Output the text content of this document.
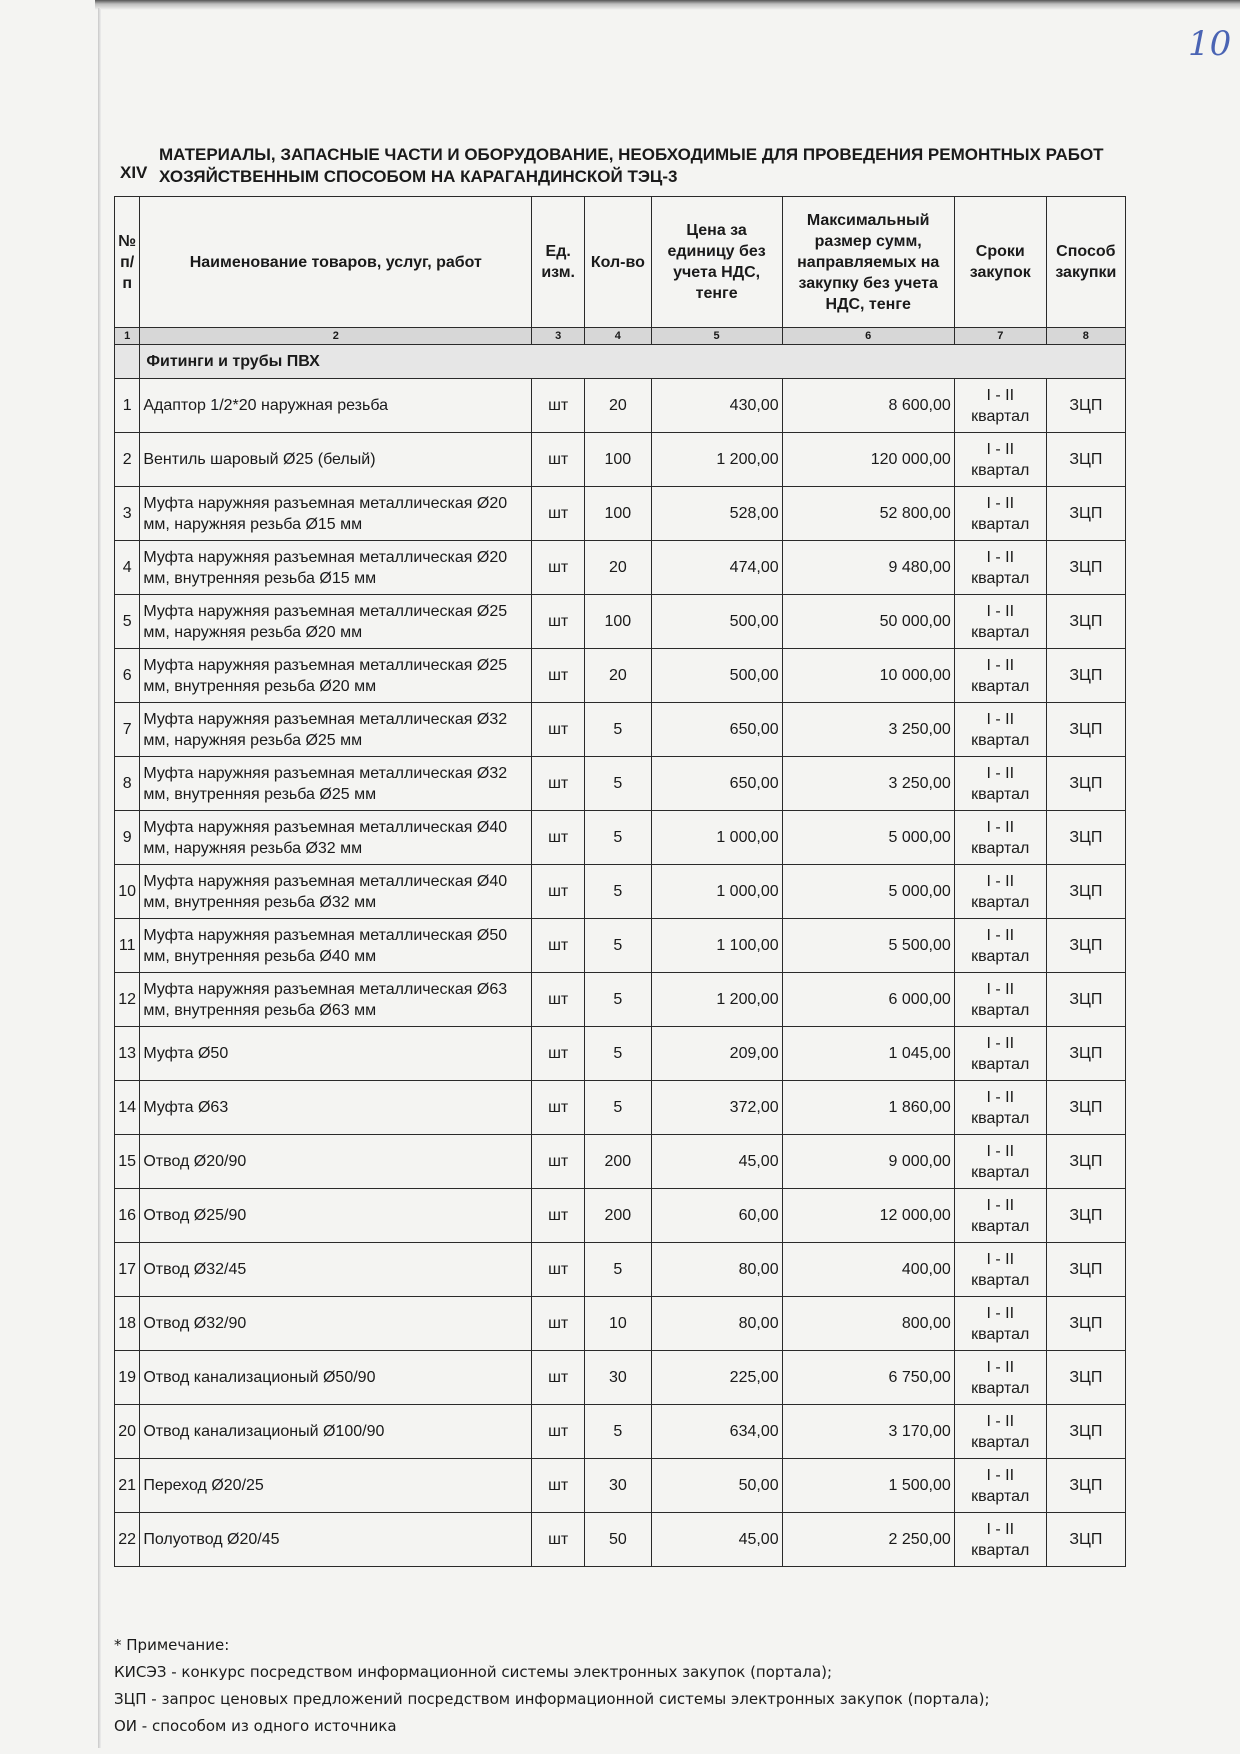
10
XIV
МАТЕРИАЛЫ, ЗАПАСНЫЕ ЧАСТИ И ОБОРУДОВАНИЕ, НЕОБХОДИМЫЕ ДЛЯ ПРОВЕДЕНИЯ РЕМОНТНЫХ РАБОТ ХОЗЯЙСТВЕННЫМ СПОСОБОМ НА КАРАГАНДИНСКОЙ ТЭЦ-3
№ п/п	Наименование товаров, услуг, работ	Ед. изм.	Кол-во	Цена за единицу без учета НДС, тенге	Максимальный размер сумм, направляемых на закупку без учета НДС, тенге	Сроки закупок	Способ закупки
1	2	3	4	5	6	7	8
	Фитинги и трубы ПВХ						
1	Адаптор 1/2*20 наружная резьба	шт	20	430,00	8 600,00	I - II квартал	ЗЦП
2	Вентиль шаровый Ø25 (белый)	шт	100	1 200,00	120 000,00	I - II квартал	ЗЦП
3	Муфта наружняя разъемная металлическая Ø20 мм, наружняя резьба Ø15 мм	шт	100	528,00	52 800,00	I - II квартал	ЗЦП
4	Муфта наружняя разъемная металлическая Ø20 мм, внутренняя резьба Ø15 мм	шт	20	474,00	9 480,00	I - II квартал	ЗЦП
5	Муфта наружняя разъемная металлическая Ø25 мм, наружняя резьба Ø20 мм	шт	100	500,00	50 000,00	I - II квартал	ЗЦП
6	Муфта наружняя разъемная металлическая Ø25 мм, внутренняя резьба Ø20 мм	шт	20	500,00	10 000,00	I - II квартал	ЗЦП
7	Муфта наружняя разъемная металлическая Ø32 мм, наружняя резьба Ø25 мм	шт	5	650,00	3 250,00	I - II квартал	ЗЦП
8	Муфта наружняя разъемная металлическая Ø32 мм, внутренняя резьба Ø25 мм	шт	5	650,00	3 250,00	I - II квартал	ЗЦП
9	Муфта наружняя разъемная металлическая Ø40 мм, наружняя резьба Ø32 мм	шт	5	1 000,00	5 000,00	I - II квартал	ЗЦП
10	Муфта наружняя разъемная металлическая Ø40 мм, внутренняя резьба Ø32 мм	шт	5	1 000,00	5 000,00	I - II квартал	ЗЦП
11	Муфта наружняя разъемная металлическая Ø50 мм, внутренняя резьба Ø40 мм	шт	5	1 100,00	5 500,00	I - II квартал	ЗЦП
12	Муфта наружняя разъемная металлическая Ø63 мм, внутренняя резьба Ø63 мм	шт	5	1 200,00	6 000,00	I - II квартал	ЗЦП
13	Муфта Ø50	шт	5	209,00	1 045,00	I - II квартал	ЗЦП
14	Муфта Ø63	шт	5	372,00	1 860,00	I - II квартал	ЗЦП
15	Отвод Ø20/90	шт	200	45,00	9 000,00	I - II квартал	ЗЦП
16	Отвод Ø25/90	шт	200	60,00	12 000,00	I - II квартал	ЗЦП
17	Отвод Ø32/45	шт	5	80,00	400,00	I - II квартал	ЗЦП
18	Отвод Ø32/90	шт	10	80,00	800,00	I - II квартал	ЗЦП
19	Отвод канализационый Ø50/90	шт	30	225,00	6 750,00	I - II квартал	ЗЦП
20	Отвод канализационый Ø100/90	шт	5	634,00	3 170,00	I - II квартал	ЗЦП
21	Переход Ø20/25	шт	30	50,00	1 500,00	I - II квартал	ЗЦП
22	Полуотвод Ø20/45	шт	50	45,00	2 250,00	I - II квартал	ЗЦП
* Примечание:
КИСЭЗ - конкурс посредством информационной системы электронных закупок (портала);
ЗЦП - запрос ценовых предложений посредством информационной системы электронных закупок (портала);
ОИ - способом из одного источника
